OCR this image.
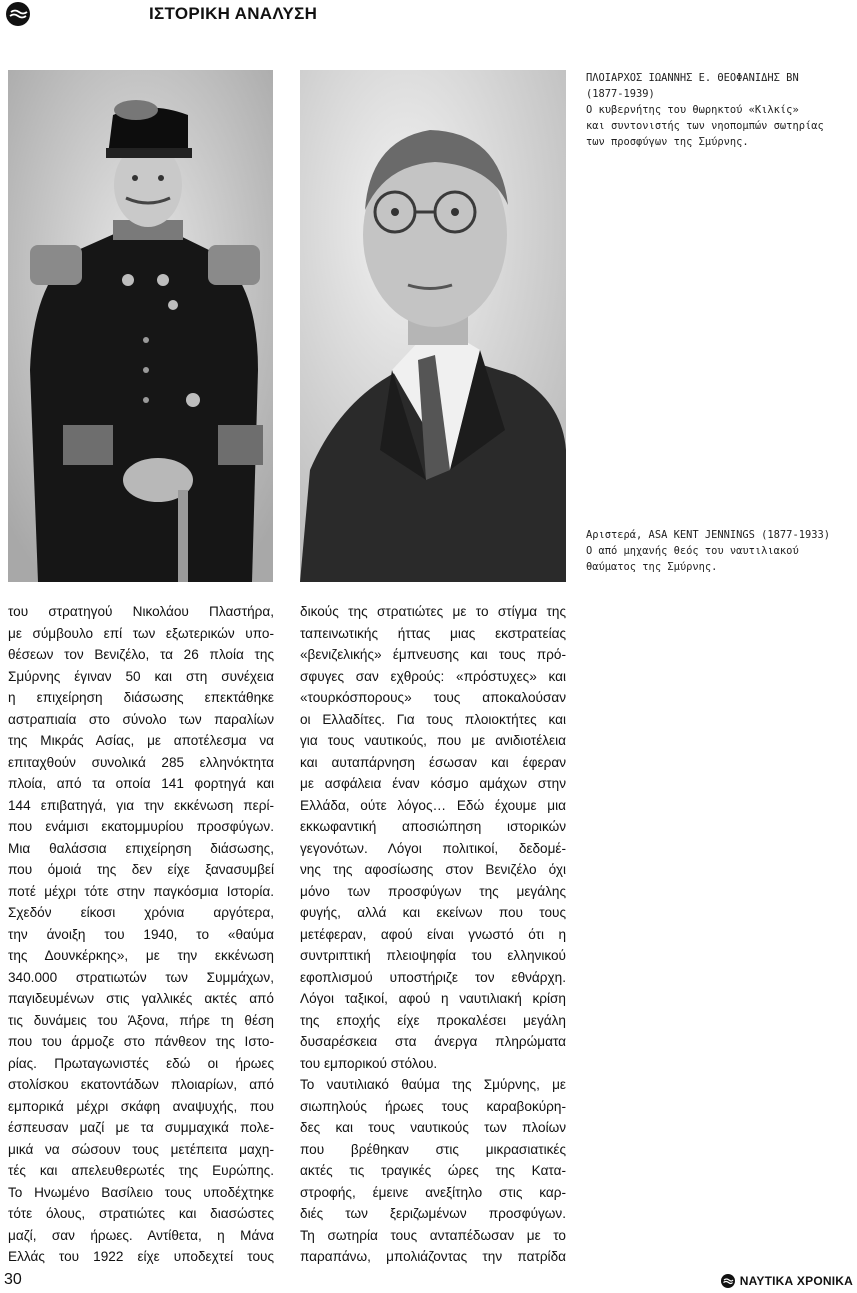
ΙΣΤΟΡΙΚΗ ΑΝΑΛΥΣΗ
ΠΛΟΙΑΡΧΟΣ ΙΩΑΝΝΗΣ Ε. ΘΕΟΦΑΝΙΔΗΣ ΒΝ
(1877-1939)
Ο κυβερνήτης του θωρηκτού «Κιλκίς»
και συντονιστής των νηοπομπών σωτηρίας
των προσφύγων της Σμύρνης.
Αριστερά, ASA KENT JENNINGS (1877-1933)
Ο από μηχανής θεός του ναυτιλιακού
θαύματος της Σμύρνης.
του στρατηγού Νικολάου Πλαστήρα,
με σύμβουλο επί των εξωτερικών υπο-
θέσεων τον Βενιζέλο, τα 26 πλοία της
Σμύρνης έγιναν 50 και στη συνέχεια
η επιχείρηση διάσωσης επεκτάθηκε
αστραπιαία στο σύνολο των παραλίων
της Μικράς Ασίας, με αποτέλεσμα να
επιταχθούν συνολικά 285 ελληνόκτητα
πλοία, από τα οποία 141 φορτηγά και
144 επιβατηγά, για την εκκένωση περί-
που ενάμισι εκατομμυρίου προσφύγων.
Μια θαλάσσια επιχείρηση διάσωσης,
που όμοιά της δεν είχε ξανασυμβεί
ποτέ μέχρι τότε στην παγκόσμια Ιστορία.
Σχεδόν είκοσι χρόνια αργότερα,
την άνοιξη του 1940, το «θαύμα
της Δουνκέρκης», με την εκκένωση
340.000 στρατιωτών των Συμμάχων,
παγιδευμένων στις γαλλικές ακτές από
τις δυνάμεις του Άξονα, πήρε τη θέση
που του άρμοζε στο πάνθεον της Ιστο-
ρίας. Πρωταγωνιστές εδώ οι ήρωες
στολίσκου εκατοντάδων πλοιαρίων, από
εμπορικά μέχρι σκάφη αναψυχής, που
έσπευσαν μαζί με τα συμμαχικά πολε-
μικά να σώσουν τους μετέπειτα μαχη-
τές και απελευθερωτές της Ευρώπης.
Το Ηνωμένο Βασίλειο τους υποδέχτηκε
τότε όλους, στρατιώτες και διασώστες
μαζί, σαν ήρωες. Αντίθετα, η Μάνα
Ελλάς του 1922 είχε υποδεχτεί τους
δικούς της στρατιώτες με το στίγμα της
ταπεινωτικής ήττας μιας εκστρατείας
«βενιζελικής» έμπνευσης και τους πρό-
σφυγες σαν εχθρούς: «πρόστυχες» και
«τουρκόσπορους» τους αποκαλούσαν
οι Ελλαδίτες. Για τους πλοιοκτήτες και
για τους ναυτικούς, που με ανιδιοτέλεια
και αυταπάρνηση έσωσαν και έφεραν
με ασφάλεια έναν κόσμο αμάχων στην
Ελλάδα, ούτε λόγος… Εδώ έχουμε μια
εκκωφαντική αποσιώπηση ιστορικών
γεγονότων. Λόγοι πολιτικοί, δεδομέ-
νης της αφοσίωσης στον Βενιζέλο όχι
μόνο των προσφύγων της μεγάλης
φυγής, αλλά και εκείνων που τους
μετέφεραν, αφού είναι γνωστό ότι η
συντριπτική πλειοψηφία του ελληνικού
εφοπλισμού υποστήριζε τον εθνάρχη.
Λόγοι ταξικοί, αφού η ναυτιλιακή κρίση
της εποχής είχε προκαλέσει μεγάλη
δυσαρέσκεια στα άνεργα πληρώματα
του εμπορικού στόλου.
Το ναυτιλιακό θαύμα της Σμύρνης, με
σιωπηλούς ήρωες τους καραβοκύρη-
δες και τους ναυτικούς των πλοίων
που βρέθηκαν στις μικρασιατικές
ακτές τις τραγικές ώρες της Κατα-
στροφής, έμεινε ανεξίτηλο στις καρ-
διές των ξεριζωμένων προσφύγων.
Τη σωτηρία τους ανταπέδωσαν με το
παραπάνω, μπολιάζοντας την πατρίδα
30	ΝΑΥΤΙΚΑ ΧΡΟΝΙΚΑ
